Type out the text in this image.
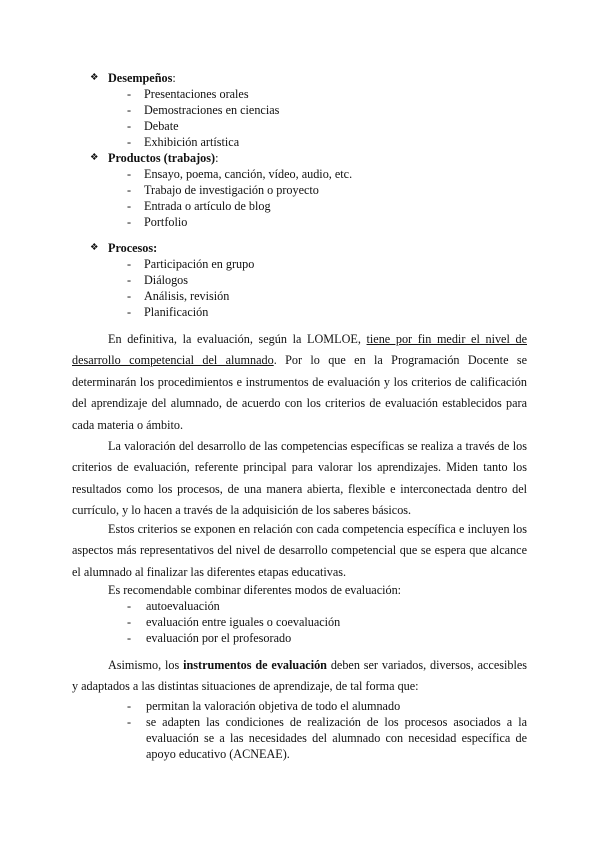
❖ Desempeños:
- Presentaciones orales
- Demostraciones en ciencias
- Debate
- Exhibición artística
❖ Productos (trabajos):
- Ensayo, poema, canción, vídeo, audio, etc.
- Trabajo de investigación o proyecto
- Entrada o artículo de blog
- Portfolio
❖ Procesos:
- Participación en grupo
- Diálogos
- Análisis, revisión
- Planificación
En definitiva, la evaluación, según la LOMLOE, tiene por fin medir el nivel de desarrollo competencial del alumnado. Por lo que en la Programación Docente se determinarán los procedimientos e instrumentos de evaluación y los criterios de calificación del aprendizaje del alumnado, de acuerdo con los criterios de evaluación establecidos para cada materia o ámbito.
La valoración del desarrollo de las competencias específicas se realiza a través de los criterios de evaluación, referente principal para valorar los aprendizajes. Miden tanto los resultados como los procesos, de una manera abierta, flexible e interconectada dentro del currículo, y lo hacen a través de la adquisición de los saberes básicos.
Estos criterios se exponen en relación con cada competencia específica e incluyen los aspectos más representativos del nivel de desarrollo competencial que se espera que alcance el alumnado al finalizar las diferentes etapas educativas.
Es recomendable combinar diferentes modos de evaluación:
- autoevaluación
- evaluación entre iguales o coevaluación
- evaluación por el profesorado
Asimismo, los instrumentos de evaluación deben ser variados, diversos, accesibles y adaptados a las distintas situaciones de aprendizaje, de tal forma que:
- permitan la valoración objetiva de todo el alumnado
- se adapten las condiciones de realización de los procesos asociados a la evaluación se a las necesidades del alumnado con necesidad específica de apoyo educativo (ACNEAE).
